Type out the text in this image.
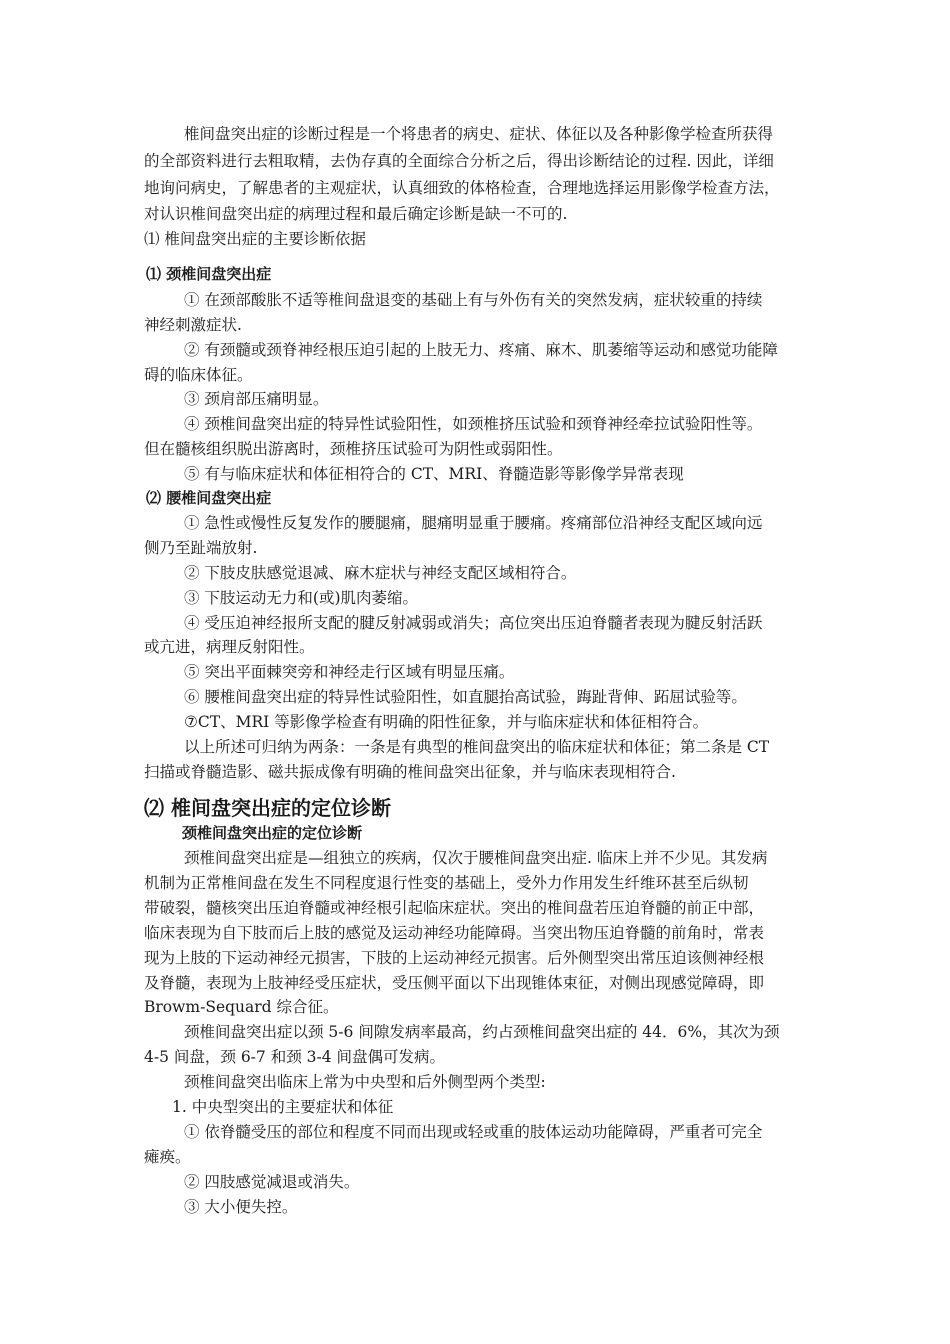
椎间盘突出症的诊断过程是一个将患者的病史、症状、体征以及各种影像学检查所获得
的全部资料进行去粗取精，去伪存真的全面综合分析之后，得出诊断结论的过程. 因此，详细
地询问病史，了解患者的主观症状，认真细致的体格检查，合理地选择运用影像学检查方法，
对认识椎间盘突出症的病理过程和最后确定诊断是缺一不可的.
⑴ 椎间盘突出症的主要诊断依据
⑴ 颈椎间盘突出症
① 在颈部酸胀不适等椎间盘退变的基础上有与外伤有关的突然发病，症状较重的持续
神经刺激症状.
② 有颈髓或颈脊神经根压迫引起的上肢无力、疼痛、麻木、肌萎缩等运动和感觉功能障
碍的临床体征。
③ 颈肩部压痛明显。
④ 颈椎间盘突出症的特异性试验阳性，如颈椎挤压试验和颈脊神经牵拉试验阳性等。
但在髓核组织脱出游离时，颈椎挤压试验可为阴性或弱阳性。
⑤ 有与临床症状和体征相符合的 CT、MRI、脊髓造影等影像学异常表现
⑵ 腰椎间盘突出症
① 急性或慢性反复发作的腰腿痛，腿痛明显重于腰痛。疼痛部位沿神经支配区域向远
侧乃至趾端放射.
② 下肢皮肤感觉退减、麻木症状与神经支配区域相符合。
③ 下肢运动无力和(或)肌肉萎缩。
④ 受压迫神经报所支配的腱反射减弱或消失；高位突出压迫脊髓者表现为腱反射活跃
或亢进，病理反射阳性。
⑤ 突出平面棘突旁和神经走行区域有明显压痛。
⑥ 腰椎间盘突出症的特异性试验阳性，如直腿抬高试验，踇趾背伸、跖屈试验等。
⑦CT、MRI 等影像学检查有明确的阳性征象，并与临床症状和体征相符合。
以上所述可归纳为两条：一条是有典型的椎间盘突出的临床症状和体征；第二条是 CT
扫描或脊髓造影、磁共振成像有明确的椎间盘突出征象，并与临床表现相符合.
⑵ 椎间盘突出症的定位诊断
颈椎间盘突出症的定位诊断
颈椎间盘突出症是—组独立的疾病，仅次于腰椎间盘突出症. 临床上并不少见。其发病
机制为正常椎间盘在发生不同程度退行性变的基础上，受外力作用发生纤维环甚至后纵韧
带破裂，髓核突出压迫脊髓或神经根引起临床症状。突出的椎间盘若压迫脊髓的前正中部，
临床表现为自下肢而后上肢的感觉及运动神经功能障碍。当突出物压迫脊髓的前角时，常表
现为上肢的下运动神经元损害，下肢的上运动神经元损害。后外侧型突出常压迫该侧神经根
及脊髓，表现为上肢神经受压症状，受压侧平面以下出现锥体束征，对侧出现感觉障碍，即
Browm-Sequard 综合征。
颈椎间盘突出症以颈 5-6 间隙发病率最高，约占颈椎间盘突出症的 44．6%，其次为颈
4-5 间盘，颈 6-7 和颈 3-4 间盘偶可发病。
颈椎间盘突出临床上常为中央型和后外侧型两个类型:
1. 中央型突出的主要症状和体征
① 依脊髓受压的部位和程度不同而出现或轻或重的肢体运动功能障碍，严重者可完全
瘫痪。
② 四肢感觉减退或消失。
③ 大小便失控。
